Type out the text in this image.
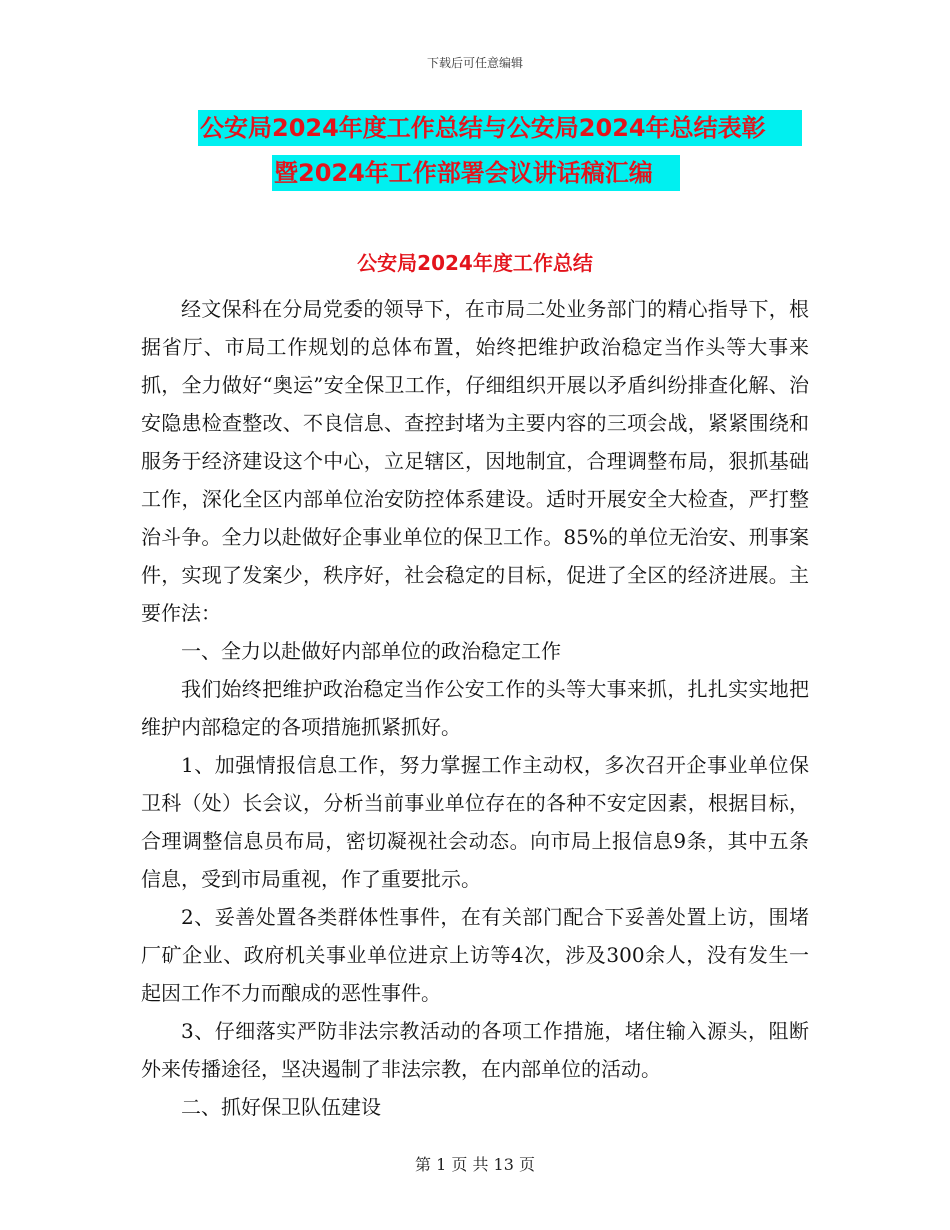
下载后可任意编辑
公安局2024年度工作总结与公安局2024年总结表彰
暨2024年工作部署会议讲话稿汇编
公安局2024年度工作总结

经文保科在分局党委的领导下，在市局二处业务部门的精心指导下，根据省厅、市局工作规划的总体布置，始终把维护政治稳定当作头等大事来抓，全力做好“奥运”安全保卫工作，仔细组织开展以矛盾纠纷排查化解、治安隐患检查整改、不良信息、查控封堵为主要内容的三项会战，紧紧围绕和服务于经济建设这个中心，立足辖区，因地制宜，合理调整布局，狠抓基础工作，深化全区内部单位治安防控体系建设。适时开展安全大检查，严打整治斗争。全力以赴做好企事业单位的保卫工作。85%的单位无治安、刑事案件，实现了发案少，秩序好，社会稳定的目标，促进了全区的经济进展。主要作法：

一、全力以赴做好内部单位的政治稳定工作

我们始终把维护政治稳定当作公安工作的头等大事来抓，扎扎实实地把维护内部稳定的各项措施抓紧抓好。

1、加强情报信息工作，努力掌握工作主动权，多次召开企事业单位保卫科（处）长会议，分析当前事业单位存在的各种不安定因素，根据目标，合理调整信息员布局，密切凝视社会动态。向市局上报信息9条，其中五条信息，受到市局重视，作了重要批示。

2、妥善处置各类群体性事件，在有关部门配合下妥善处置上访，围堵厂矿企业、政府机关事业单位进京上访等4次，涉及300余人，没有发生一起因工作不力而酿成的恶性事件。

3、仔细落实严防非法宗教活动的各项工作措施，堵住输入源头，阻断外来传播途径，坚决遏制了非法宗教，在内部单位的活动。

二、抓好保卫队伍建设

第 1 页 共 13 页
